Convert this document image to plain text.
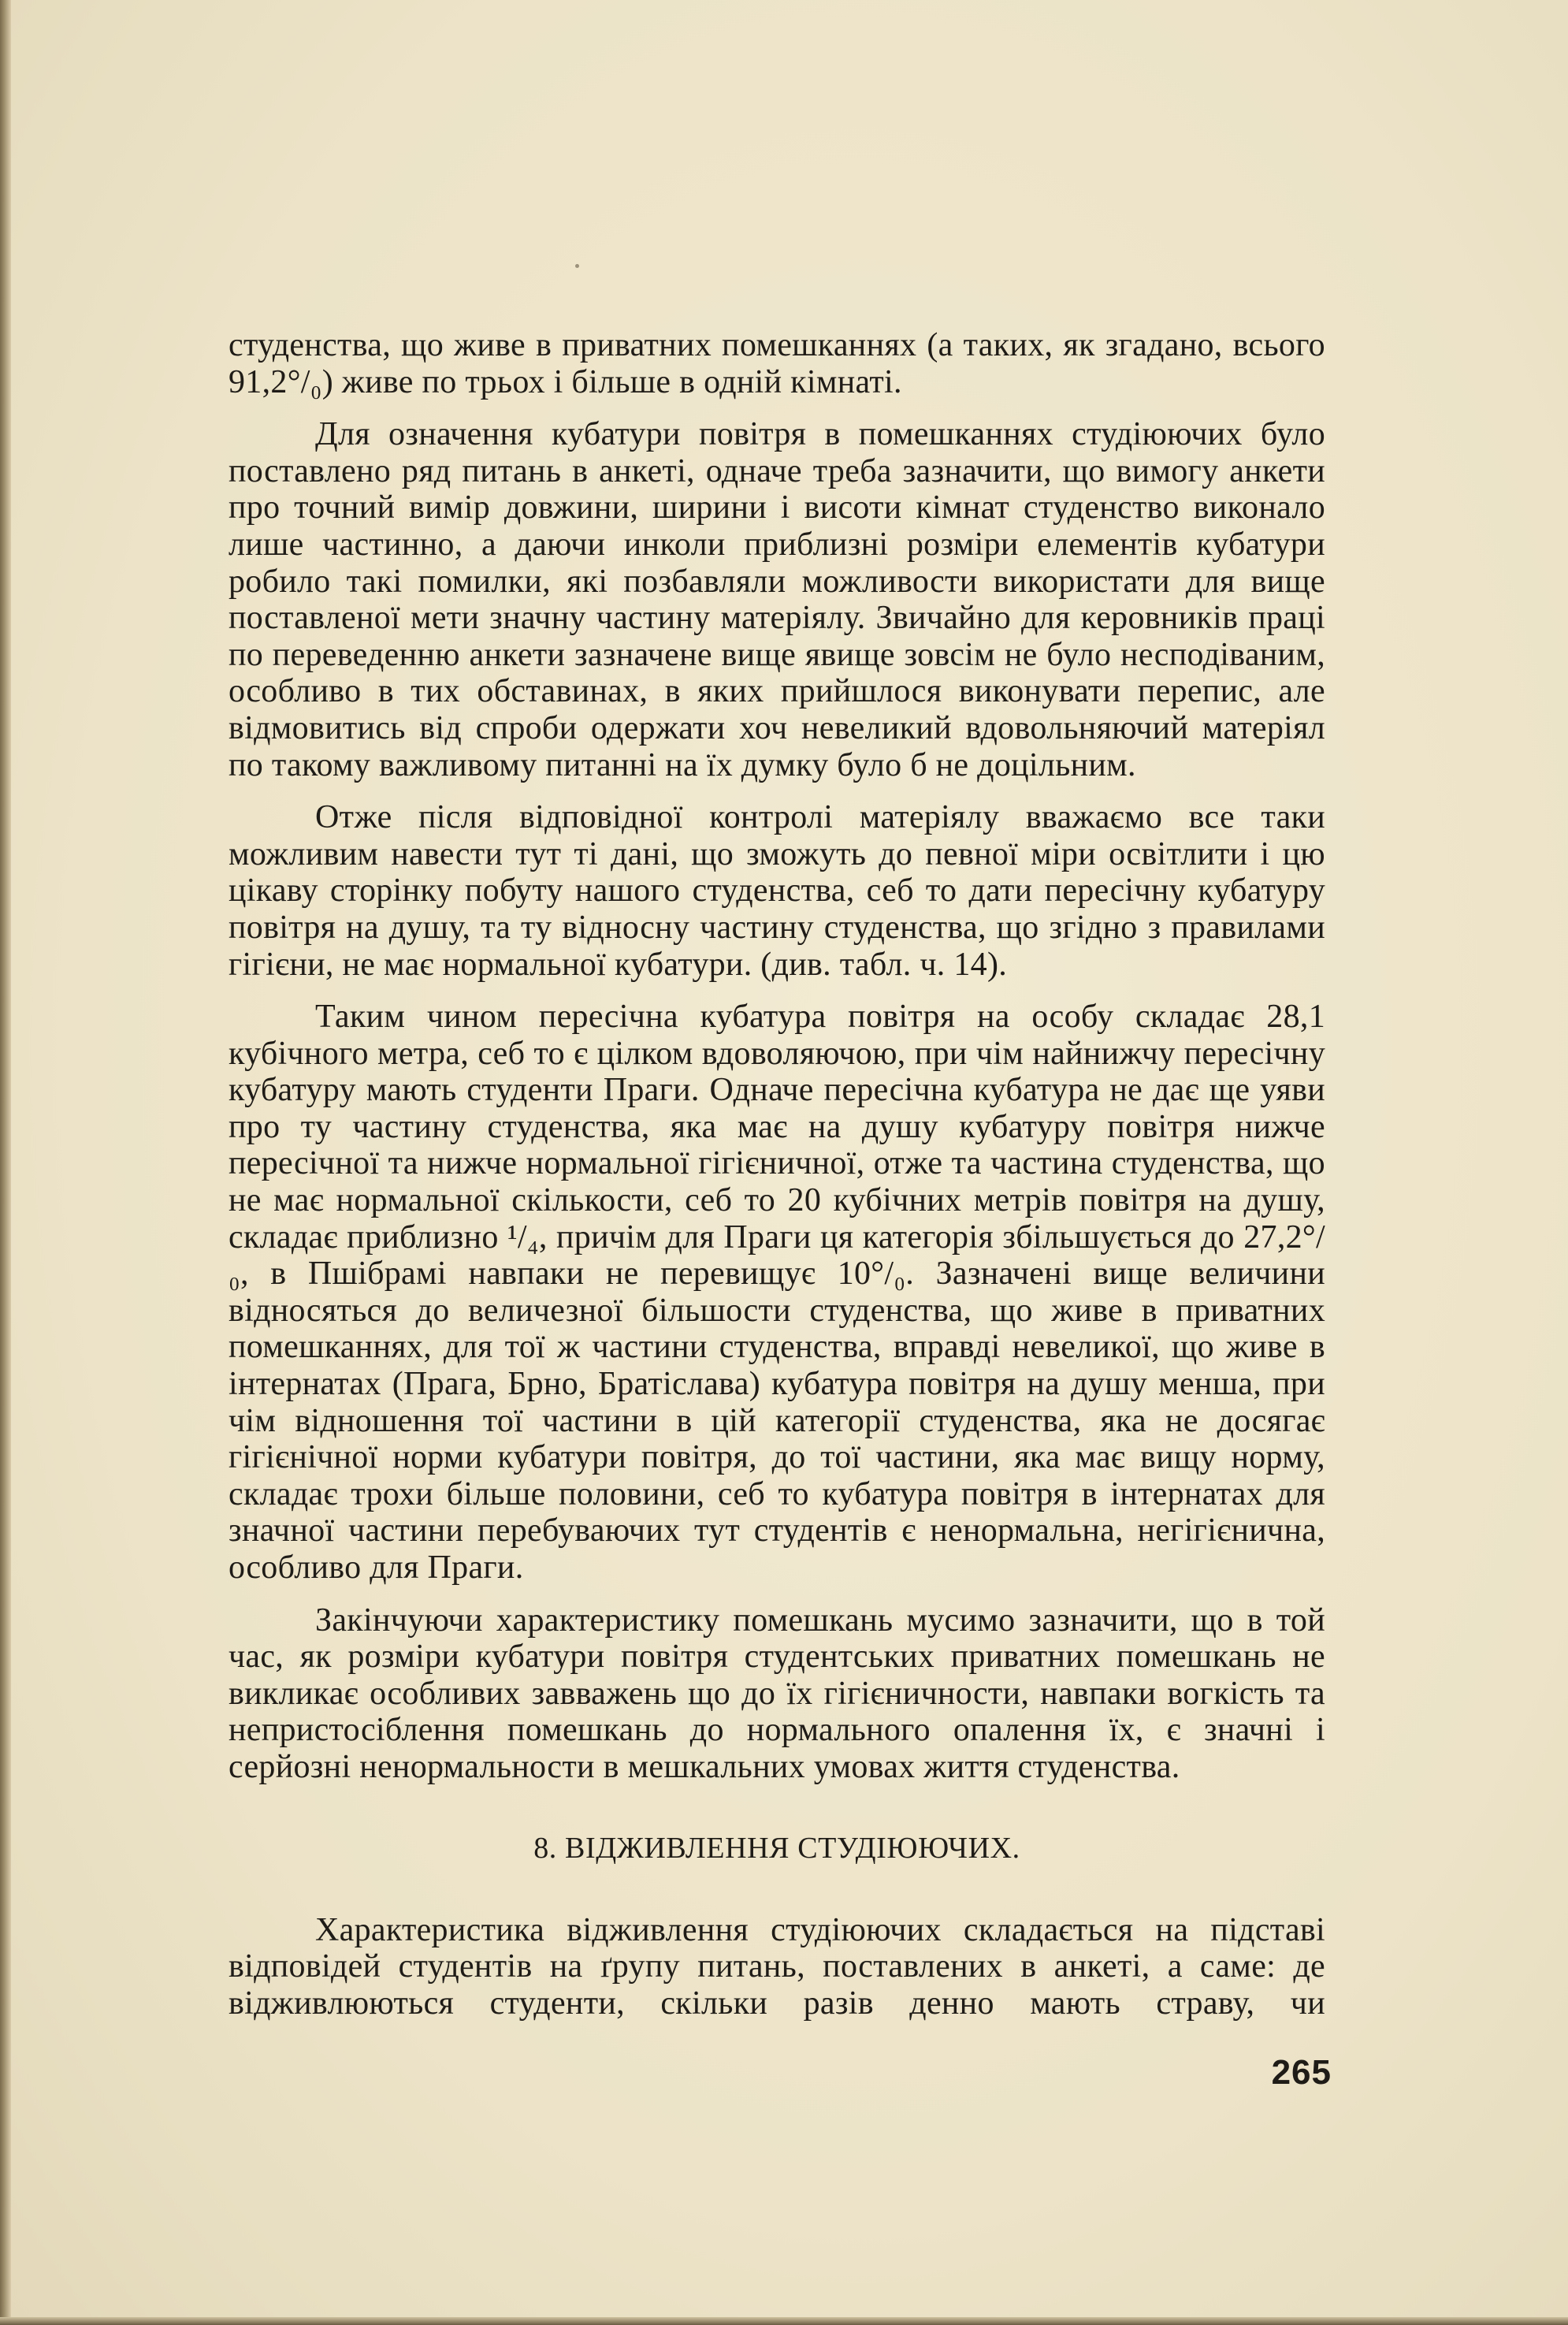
студенства, що живе в приватних помешканнях (а таких, як згадано, всього 91,2°/₀) живе по трьох і більше в одній кімнаті.

Для означення кубатури повітря в помешканнях студіюючих було поставлено ряд питань в анкеті, одначе треба зазначити, що вимогу анкети про точний вимір довжини, ширини і висоти кімнат студенство виконало лише частинно, а даючи инколи приблизні розміри елементів кубатури робило такі помилки, які позбавляли можливости використати для вище поставленої мети значну частину матеріялу. Звичайно для керовників праці по переведенню анкети зазначене вище явище зовсім не було несподіваним, особливо в тих обставинах, в яких прийшлося виконувати перепис, але відмовитись від спроби одержати хоч невеликий вдовольняючий матеріял по такому важливому питанні на їх думку було б не доцільним.

Отже після відповідної контролі матеріялу вважаємо все таки можливим навести тут ті дані, що зможуть до певної міри освітлити і цю цікаву сторінку побуту нашого студенства, себ то дати пересічну кубатуру повітря на душу, та ту відносну частину студенства, що згідно з правилами гігієни, не має нормальної кубатури. (див. табл. ч. 14).

Таким чином пересічна кубатура повітря на особу складає 28,1 кубічного метра, себ то є цілком вдоволяючою, при чім найнижчу пересічну кубатуру мають студенти Праги. Одначе пересічна кубатура не дає ще уяви про ту частину студенства, яка має на душу кубатуру повітря нижче пересічної та нижче нормальної гігієничної, отже та частина студенства, що не має нормальної скількости, себ то 20 кубічних метрів повітря на душу, складає приблизно ¹/₄, причім для Праги ця категорія збільшується до 27,2°/₀, в Пшібрамі навпаки не перевищує 10°/₀. Зазначені вище величини відносяться до величезної більшости студенства, що живе в приватних помешканнях, для тої ж частини студенства, вправді невеликої, що живе в інтернатах (Прага, Брно, Братіслава) кубатура повітря на душу менша, при чім відношення тої частини в цій категорії студенства, яка не досягає гігієнічної норми кубатури повітря, до тої частини, яка має вищу норму, складає трохи більше половини, себ то кубатура повітря в інтернатах для значної частини перебуваючих тут студентів є ненормальна, негігієнична, особливо для Праги.

Закінчуючи характеристику помешкань мусимо зазначити, що в той час, як розміри кубатури повітря студентських приватних помешкань не викликає особливих завважень що до їх гігієничности, навпаки вогкість та непристосіблення помешкань до нормального опалення їх, є значні і серйозні ненормальности в мешкальних умовах життя студенства.

8. ВІДЖИВЛЕННЯ СТУДІЮЮЧИХ.

Характеристика відживлення студіюючих складається на підставі відповідей студентів на ґрупу питань, поставлених в анкеті, а саме: де відживлюються студенти, скільки разів денно мають страву, чи

265
